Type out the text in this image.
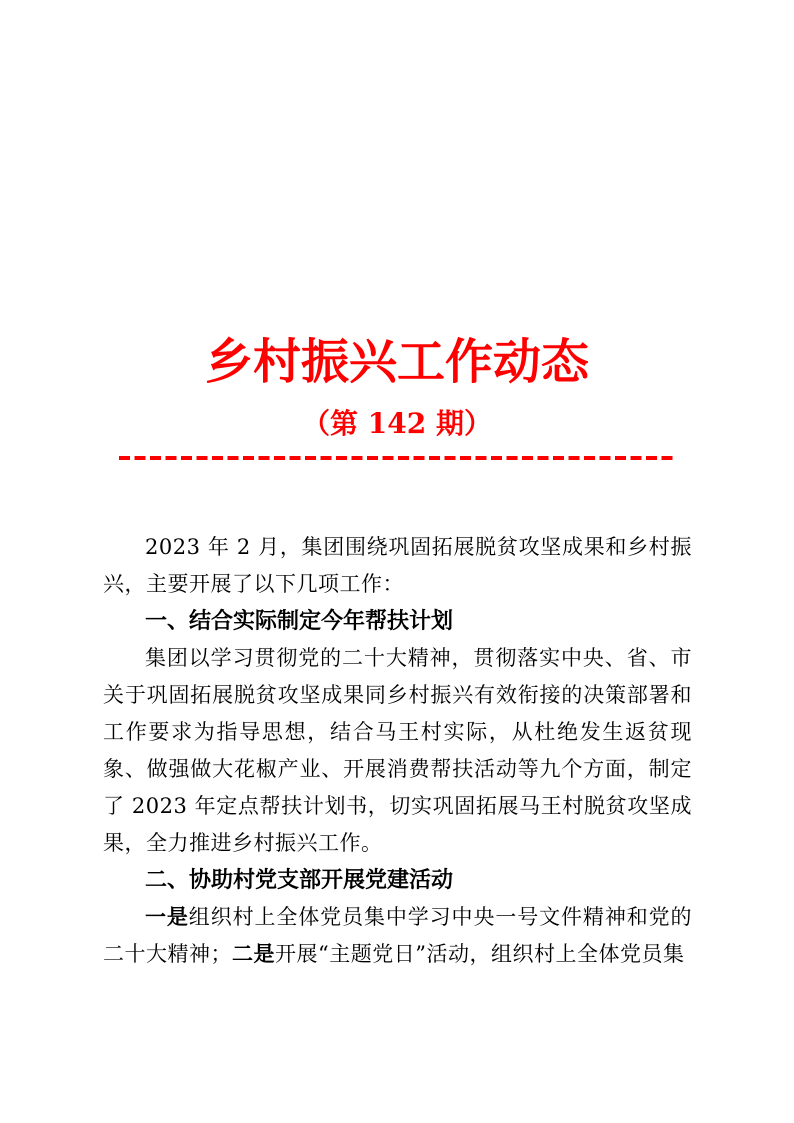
乡村振兴工作动态
（第 142 期）

2023 年 2 月，集团围绕巩固拓展脱贫攻坚成果和乡村振兴，主要开展了以下几项工作：

一、结合实际制定今年帮扶计划

集团以学习贯彻党的二十大精神，贯彻落实中央、省、市关于巩固拓展脱贫攻坚成果同乡村振兴有效衔接的决策部署和工作要求为指导思想，结合马王村实际，从杜绝发生返贫现象、做强做大花椒产业、开展消费帮扶活动等九个方面，制定了 2023 年定点帮扶计划书，切实巩固拓展马王村脱贫攻坚成果，全力推进乡村振兴工作。

二、协助村党支部开展党建活动

一是组织村上全体党员集中学习中央一号文件精神和党的二十大精神；二是开展“主题党日”活动，组织村上全体党员集
